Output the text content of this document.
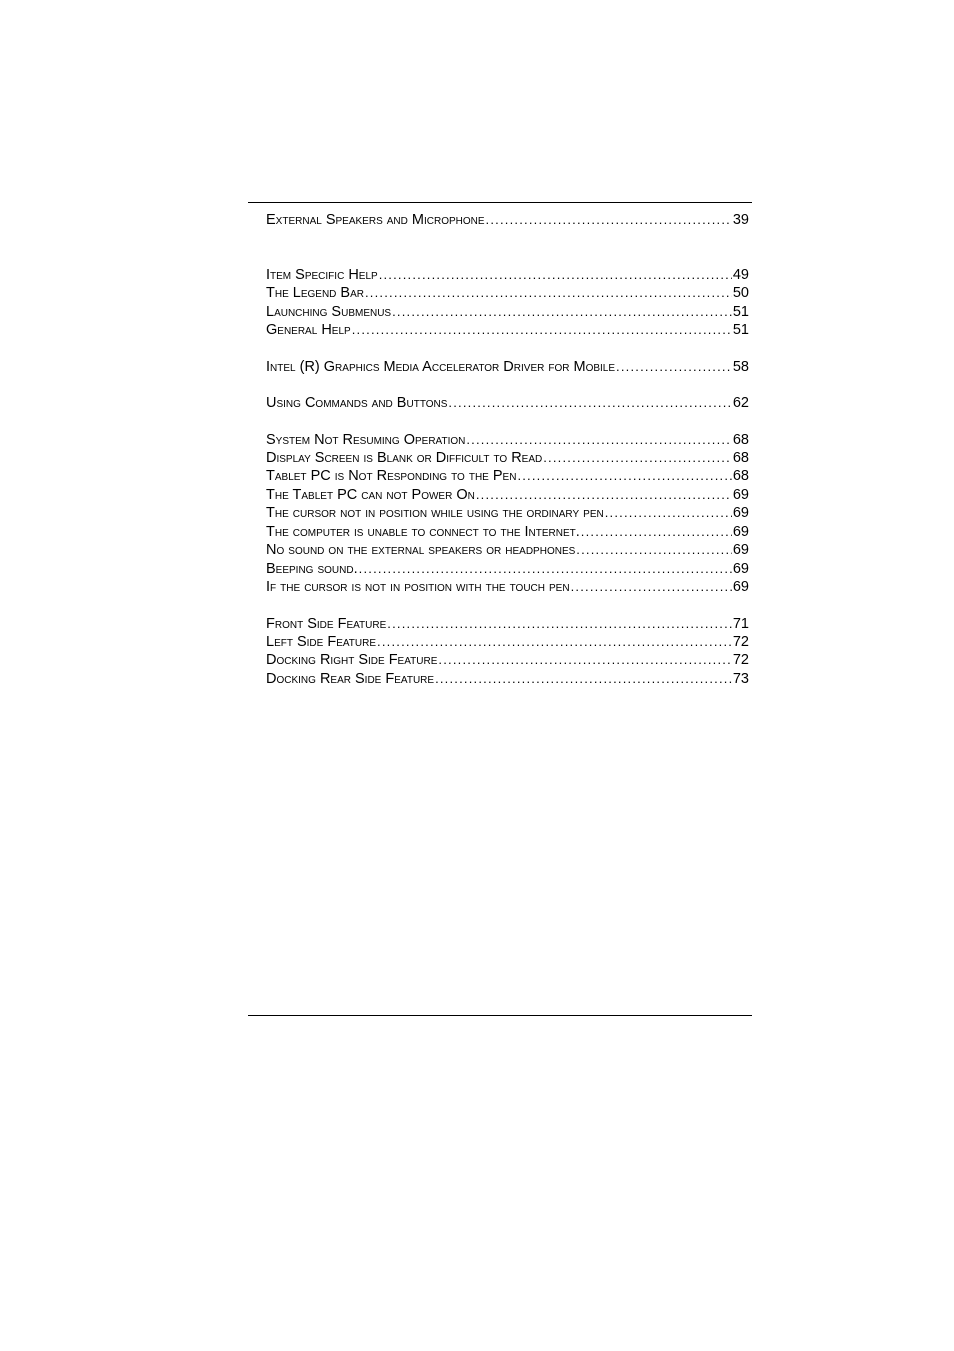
External Speakers and Microphone .....	39
Item Specific Help .....	49
The Legend Bar .....	50
Launching Submenus .....	51
General Help .....	51
Intel (R) Graphics Media Accelerator Driver for Mobile .....	58
Using Commands and Buttons .....	62
System Not Resuming Operation .....	68
Display Screen is Blank or Difficult to Read .....	68
Tablet PC is Not Responding to the Pen .....	68
The Tablet PC can not Power On .....	69
The cursor not in position while using the ordinary pen .....	69
The computer is unable to connect to the Internet. .....	69
No sound on the external speakers or headphones .....	69
Beeping sound. .....	69
If the cursor is not in position with the touch pen .....	69
Front Side Feature .....	71
Left Side Feature .....	72
Docking Right Side Feature .....	72
Docking Rear Side Feature .....	73
